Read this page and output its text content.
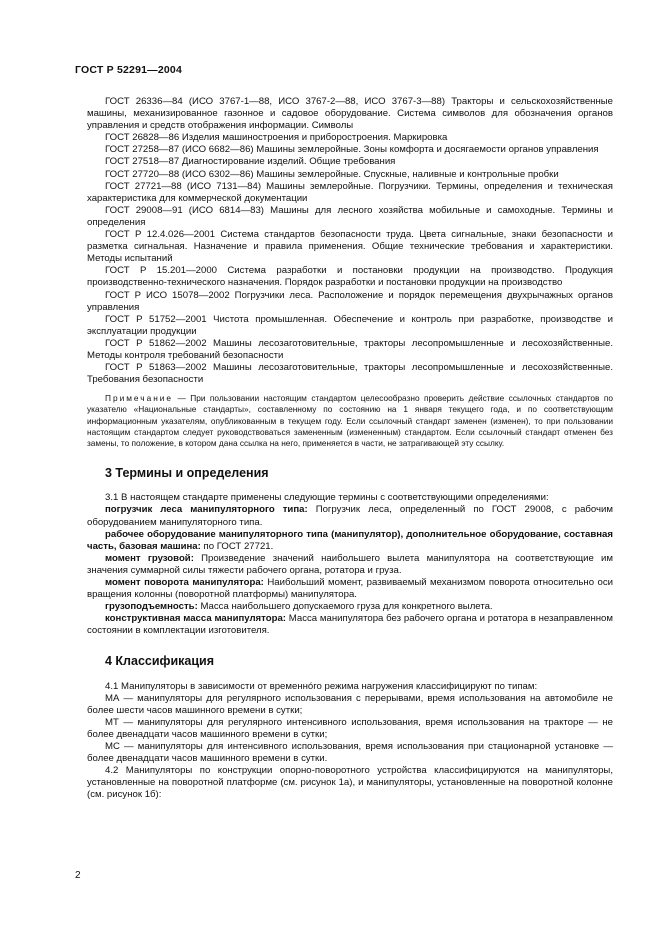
ГОСТ Р 52291—2004

ГОСТ 26336—84 (ИСО 3767-1—88, ИСО 3767-2—88, ИСО 3767-3—88) Тракторы и сельскохозяйственные машины, механизированное газонное и садовое оборудование. Система символов для обозначения органов управления и средств отображения информации. Символы

ГОСТ 26828—86 Изделия машиностроения и приборостроения. Маркировка

ГОСТ 27258—87 (ИСО 6682—86) Машины землеройные. Зоны комфорта и досягаемости органов управления

ГОСТ 27518—87 Диагностирование изделий. Общие требования

ГОСТ 27720—88 (ИСО 6302—86) Машины землеройные. Спускные, наливные и контрольные пробки

ГОСТ 27721—88 (ИСО 7131—84) Машины землеройные. Погрузчики. Термины, определения и техническая характеристика для коммерческой документации

ГОСТ 29008—91 (ИСО 6814—83) Машины для лесного хозяйства мобильные и самоходные. Термины и определения

ГОСТ Р 12.4.026—2001 Система стандартов безопасности труда. Цвета сигнальные, знаки безопасности и разметка сигнальная. Назначение и правила применения. Общие технические требования и характеристики. Методы испытаний

ГОСТ Р 15.201—2000 Система разработки и постановки продукции на производство. Продукция производственно-технического назначения. Порядок разработки и постановки продукции на производство

ГОСТ Р ИСО 15078—2002 Погрузчики леса. Расположение и порядок перемещения двухрычажных органов управления

ГОСТ Р 51752—2001 Чистота промышленная. Обеспечение и контроль при разработке, производстве и эксплуатации продукции

ГОСТ Р 51862—2002 Машины лесозаготовительные, тракторы лесопромышленные и лесохозяйственные. Методы контроля требований безопасности

ГОСТ Р 51863—2002 Машины лесозаготовительные, тракторы лесопромышленные и лесохозяйственные. Требования безопасности

Примечание — При пользовании настоящим стандартом целесообразно проверить действие ссылочных стандартов по указателю «Национальные стандарты», составленному по состоянию на 1 января текущего года, и по соответствующим информационным указателям, опубликованным в текущем году. Если ссылочный стандарт заменен (изменен), то при пользовании настоящим стандартом следует руководствоваться замененным (измененным) стандартом. Если ссылочный стандарт отменен без замены, то положение, в котором дана ссылка на него, применяется в части, не затрагивающей эту ссылку.
3 Термины и определения

3.1 В настоящем стандарте применены следующие термины с соответствующими определениями:

погрузчик леса манипуляторного типа: Погрузчик леса, определенный по ГОСТ 29008, с рабочим оборудованием манипуляторного типа.

рабочее оборудование манипуляторного типа (манипулятор), дополнительное оборудование, составная часть, базовая машина: по ГОСТ 27721.

момент грузовой: Произведение значений наибольшего вылета манипулятора на соответствующие им значения суммарной силы тяжести рабочего органа, ротатора и груза.

момент поворота манипулятора: Наибольший момент, развиваемый механизмом поворота относительно оси вращения колонны (поворотной платформы) манипулятора.

грузоподъемность: Масса наибольшего допускаемого груза для конкретного вылета.

конструктивная масса манипулятора: Масса манипулятора без рабочего органа и ротатора в незаправленном состоянии в комплектации изготовителя.

4 Классификация

4.1 Манипуляторы в зависимости от временнóго режима нагружения классифицируют по типам:

МА — манипуляторы для регулярного использования с перерывами, время использования на автомобиле не более шести часов машинного времени в сутки;

МТ — манипуляторы для регулярного интенсивного использования, время использования на тракторе — не более двенадцати часов машинного времени в сутки;

МС — манипуляторы для интенсивного использования, время использования при стационарной установке — более двенадцати часов машинного времени в сутки.

4.2 Манипуляторы по конструкции опорно-поворотного устройства классифицируются на манипуляторы, установленные на поворотной платформе (см. рисунок 1а), и манипуляторы, установленные на поворотной колонне (см. рисунок 1б):

2
